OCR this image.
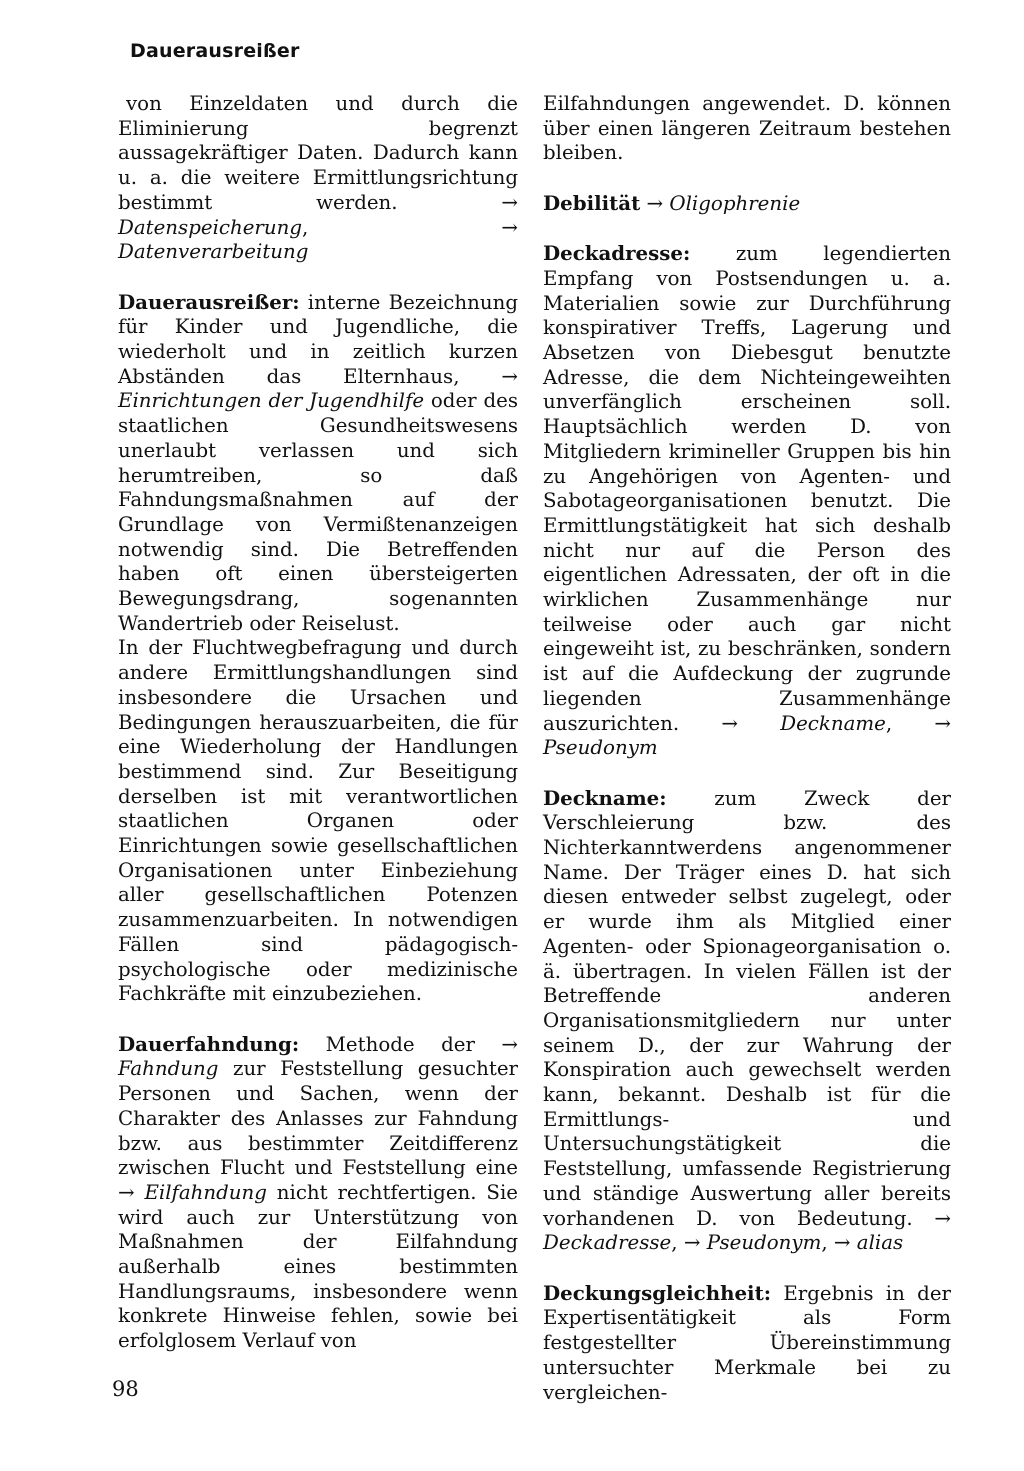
Dauerausreißer

von Einzeldaten und durch die Eliminierung begrenzt aussagekräftiger Daten. Dadurch kann u. a. die weitere Ermittlungsrichtung bestimmt werden. → Datenspeicherung, → Datenverarbeitung

Dauerausreißer: interne Bezeichnung für Kinder und Jugendliche, die wiederholt und in zeitlich kurzen Abständen das Elternhaus, → Einrichtungen der Jugendhilfe oder des staatlichen Gesundheitswesens unerlaubt verlassen und sich herumtreiben, so daß Fahndungsmaßnahmen auf der Grundlage von Vermißtenanzeigen notwendig sind. Die Betreffenden haben oft einen übersteigerten Bewegungsdrang, sogenannten Wandertrieb oder Reiselust.

In der Fluchtwegbefragung und durch andere Ermittlungshandlungen sind insbesondere die Ursachen und Bedingungen herauszuarbeiten, die für eine Wiederholung der Handlungen bestimmend sind. Zur Beseitigung derselben ist mit verantwortlichen staatlichen Organen oder Einrichtungen sowie gesellschaftlichen Organisationen unter Einbeziehung aller gesellschaftlichen Potenzen zusammenzuarbeiten. In notwendigen Fällen sind pädagogisch-psychologische oder medizinische Fachkräfte mit einzubeziehen.

Dauerfahndung: Methode der → Fahndung zur Feststellung gesuchter Personen und Sachen, wenn der Charakter des Anlasses zur Fahndung bzw. aus bestimmter Zeitdifferenz zwischen Flucht und Feststellung eine → Eilfahndung nicht rechtfertigen. Sie wird auch zur Unterstützung von Maßnahmen der Eilfahndung außerhalb eines bestimmten Handlungsraums, insbesondere wenn konkrete Hinweise fehlen, sowie bei erfolglosem Verlauf von

Eilfahndungen angewendet. D. können über einen längeren Zeitraum bestehen bleiben.

Debilität → Oligophrenie

Deckadresse: zum legendierten Empfang von Postsendungen u. a. Materialien sowie zur Durchführung konspirativer Treffs, Lagerung und Absetzen von Diebesgut benutzte Adresse, die dem Nichteingeweihten unverfänglich erscheinen soll. Hauptsächlich werden D. von Mitgliedern krimineller Gruppen bis hin zu Angehörigen von Agenten- und Sabotageorganisationen benutzt. Die Ermittlungstätigkeit hat sich deshalb nicht nur auf die Person des eigentlichen Adressaten, der oft in die wirklichen Zusammenhänge nur teilweise oder auch gar nicht eingeweiht ist, zu beschränken, sondern ist auf die Aufdeckung der zugrunde liegenden Zusammenhänge auszurichten. → Deckname, → Pseudonym

Deckname: zum Zweck der Verschleierung bzw. des Nichterkanntwerdens angenommener Name. Der Träger eines D. hat sich diesen entweder selbst zugelegt, oder er wurde ihm als Mitglied einer Agenten- oder Spionageorganisation o. ä. übertragen. In vielen Fällen ist der Betreffende anderen Organisationsmitgliedern nur unter seinem D., der zur Wahrung der Konspiration auch gewechselt werden kann, bekannt. Deshalb ist für die Ermittlungs- und Untersuchungstätigkeit die Feststellung, umfassende Registrierung und ständige Auswertung aller bereits vorhandenen D. von Bedeutung. → Deckadresse, → Pseudonym, → alias

Deckungsgleichheit: Ergebnis in der Expertisentätigkeit als Form festgestellter Übereinstimmung untersuchter Merkmale bei zu vergleichen-

98
